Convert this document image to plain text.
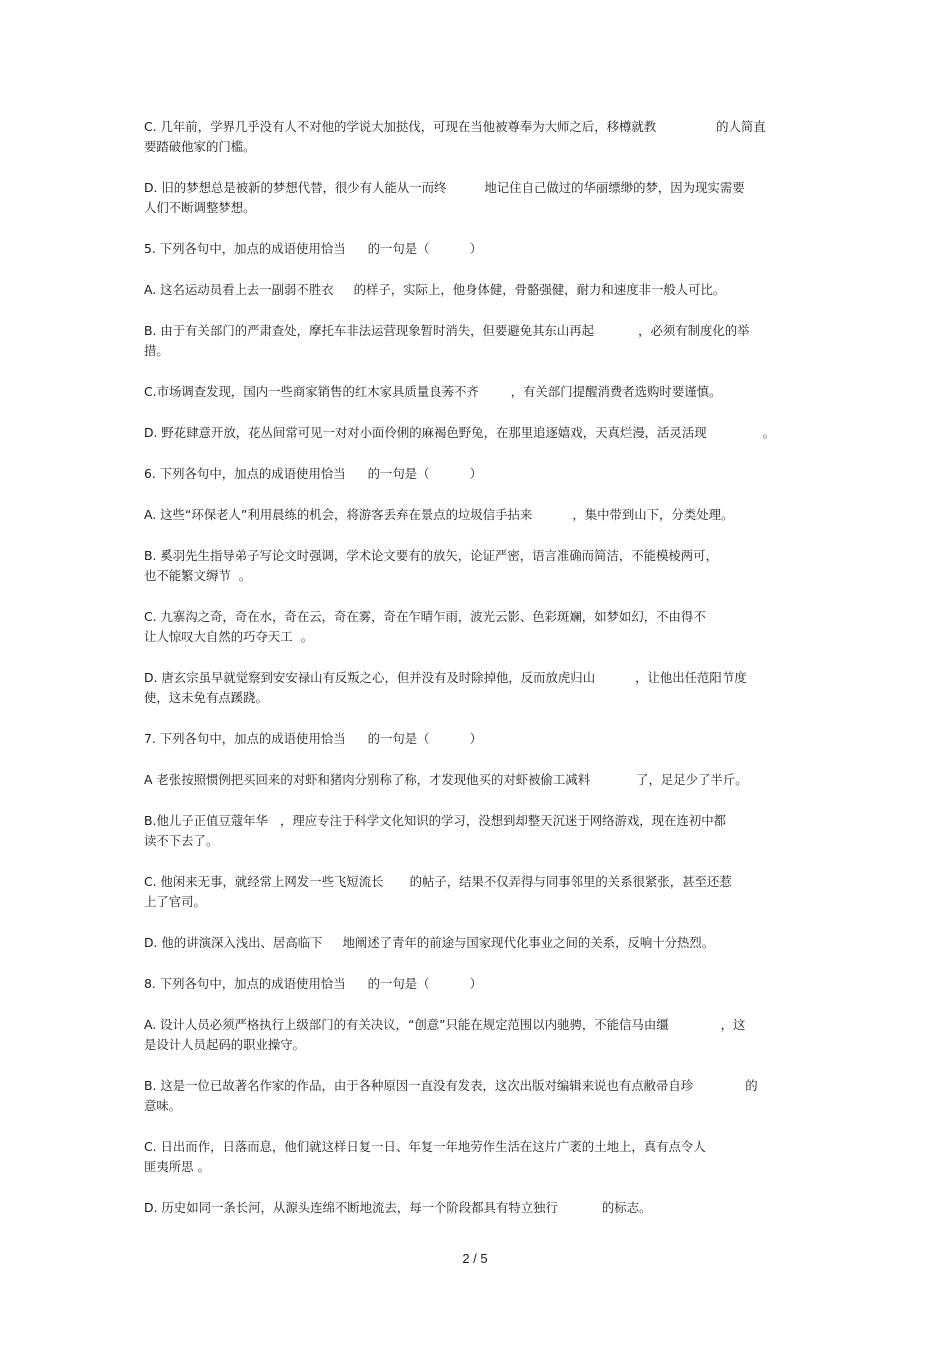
C. 几年前，学界几乎没有人不对他的学说大加挞伐，可现在当他被尊奉为大师之后，移樽就教	的人简直
要踏破他家的门槛。

D. 旧的梦想总是被新的梦想代替，很少有人能从一而终	地记住自己做过的华丽缥缈的梦，因为现实需要
人们不断调整梦想。

5. 下列各句中，加点的成语使用恰当 的一句是（	）

A. 这名运动员看上去一副弱不胜衣 的样子，实际上，他身体健，骨骼强健，耐力和速度非一般人可比。

B. 由于有关部门的严肃查处，摩托车非法运营现象暂时消失，但要避免其东山再起	，必须有制度化的举
措。

C.市场调查发现，国内一些商家销售的红木家具质量良莠不齐	，有关部门提醒消费者选购时要谨慎。

D. 野花肆意开放，花丛间常可见一对对小面伶俐的麻褐色野兔，在那里追逐嬉戏，天真烂漫，活灵活现	。

6. 下列各句中，加点的成语使用恰当 的一句是（	）

A. 这些“环保老人”利用晨练的机会，将游客丢弃在景点的垃圾信手拈来	，集中带到山下，分类处理。

B. 奚羽先生指导弟子写论文时强调，学术论文要有的放矢，论证严密，语言准确而简洁，不能模棱两可，
也不能繁文缛节 。

C. 九寨沟之奇，奇在水，奇在云，奇在雾，奇在乍晴乍雨，波光云影、色彩斑斓，如梦如幻，不由得不
让人惊叹大自然的巧夺天工 。

D. 唐玄宗虽早就觉察到安安禄山有反叛之心，但并没有及时除掉他，反而放虎归山	，让他出任范阳节度
使，这未免有点蹊跷。

7. 下列各句中，加点的成语使用恰当 的一句是（	）

A 老张按照惯例把买回来的对虾和猪肉分别称了称，才发现他买的对虾被偷工减料	了，足足少了半斤。

B.他儿子正值豆蔻年华 ，理应专注于科学文化知识的学习，没想到却整天沉迷于网络游戏，现在连初中都
读不下去了。

C. 他闲来无事，就经常上网发一些飞短流长 的帖子，结果不仅弄得与同事邻里的关系很紧张，甚至还惹
上了官司。

D. 他的讲演深入浅出、居高临下 地阐述了青年的前途与国家现代化事业之间的关系，反响十分热烈。

8. 下列各句中，加点的成语使用恰当 的一句是（	）

A. 设计人员必须严格执行上级部门的有关决议，“创意”只能在规定范围以内驰骋，不能信马由缰	，这
是设计人员起码的职业操守。

B. 这是一位已故著名作家的作品，由于各种原因一直没有发表，这次出版对编辑来说也有点敝帚自珍	的
意味。

C. 日出而作，日落而息，他们就这样日复一日、年复一年地劳作生活在这片广袤的土地上，真有点令人
匪夷所思 。

D. 历史如同一条长河，从源头连绵不断地流去，每一个阶段都具有特立独行	的标志。

2 / 5
